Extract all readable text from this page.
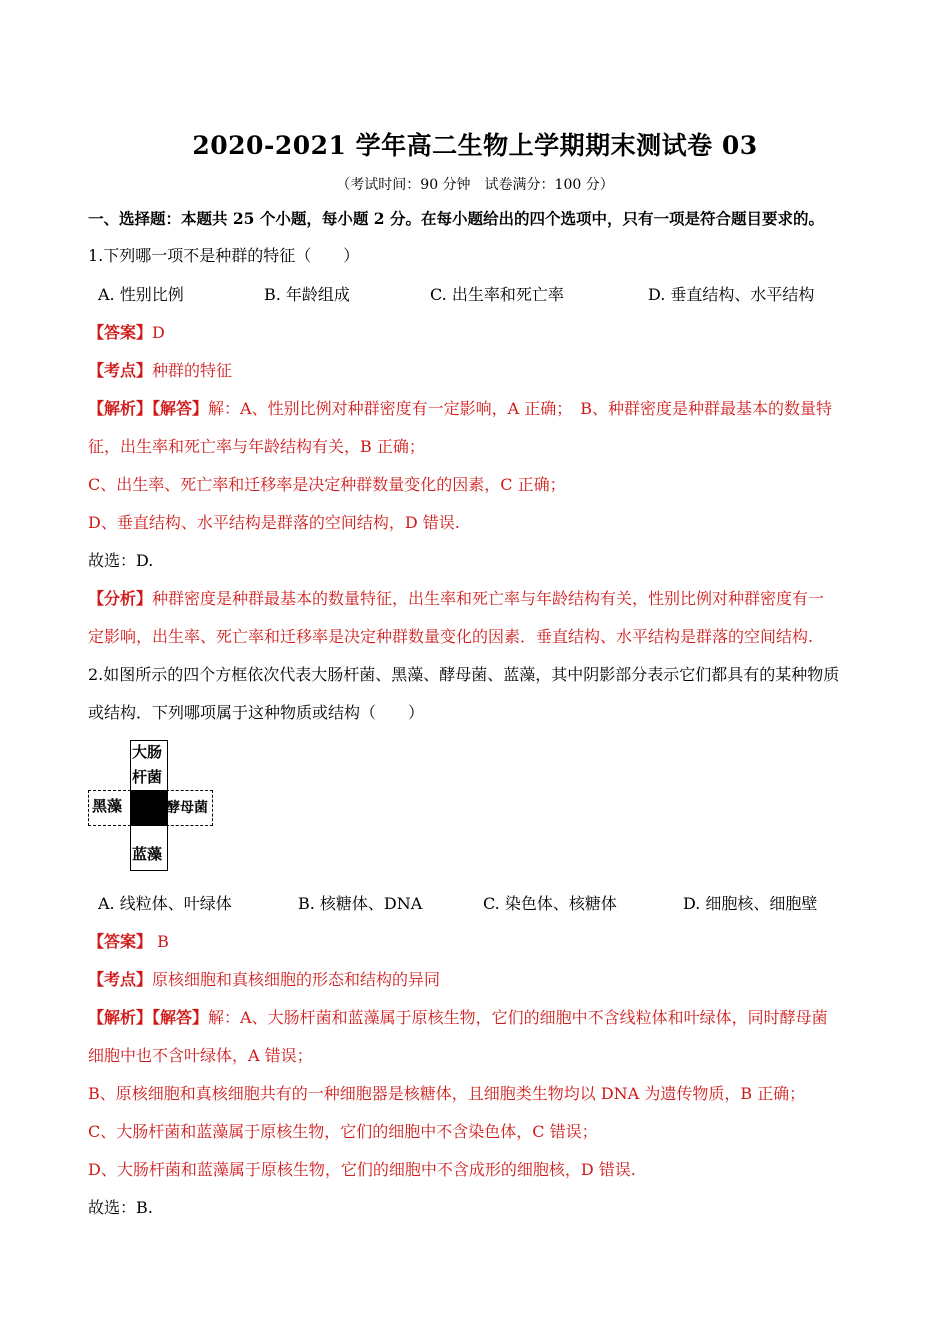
2020-2021 学年高二生物上学期期末测试卷 03
（考试时间：90 分钟　试卷满分：100 分）
一、选择题：本题共 25 个小题，每小题 2 分。在每小题给出的四个选项中，只有一项是符合题目要求的。
1.下列哪一项不是种群的特征（　　）
A. 性别比例	B. 年龄组成	C. 出生率和死亡率	D. 垂直结构、水平结构
【答案】D
【考点】种群的特征
【解析】【解答】解：A、性别比例对种群密度有一定影响，A 正确；　B、种群密度是种群最基本的数量特
征，出生率和死亡率与年龄结构有关，B 正确；
C、出生率、死亡率和迁移率是决定种群数量变化的因素，C 正确；
D、垂直结构、水平结构是群落的空间结构，D 错误.
故选：D.
【分析】种群密度是种群最基本的数量特征，出生率和死亡率与年龄结构有关，性别比例对种群密度有一
定影响，出生率、死亡率和迁移率是决定种群数量变化的因素．垂直结构、水平结构是群落的空间结构.
2.如图所示的四个方框依次代表大肠杆菌、黑藻、酵母菌、蓝藻，其中阴影部分表示它们都具有的某种物质
或结构．下列哪项属于这种物质或结构（　　）
大肠
杆菌
黑藻	酵母菌
蓝藻
A. 线粒体、叶绿体	B. 核糖体、DNA	C. 染色体、核糖体	D. 细胞核、细胞壁
【答案】 B
【考点】原核细胞和真核细胞的形态和结构的异同
【解析】【解答】解：A、大肠杆菌和蓝藻属于原核生物，它们的细胞中不含线粒体和叶绿体，同时酵母菌
细胞中也不含叶绿体，A 错误；
B、原核细胞和真核细胞共有的一种细胞器是核糖体，且细胞类生物均以 DNA 为遗传物质，B 正确；
C、大肠杆菌和蓝藻属于原核生物，它们的细胞中不含染色体，C 错误；
D、大肠杆菌和蓝藻属于原核生物，它们的细胞中不含成形的细胞核，D 错误.
故选：B.
